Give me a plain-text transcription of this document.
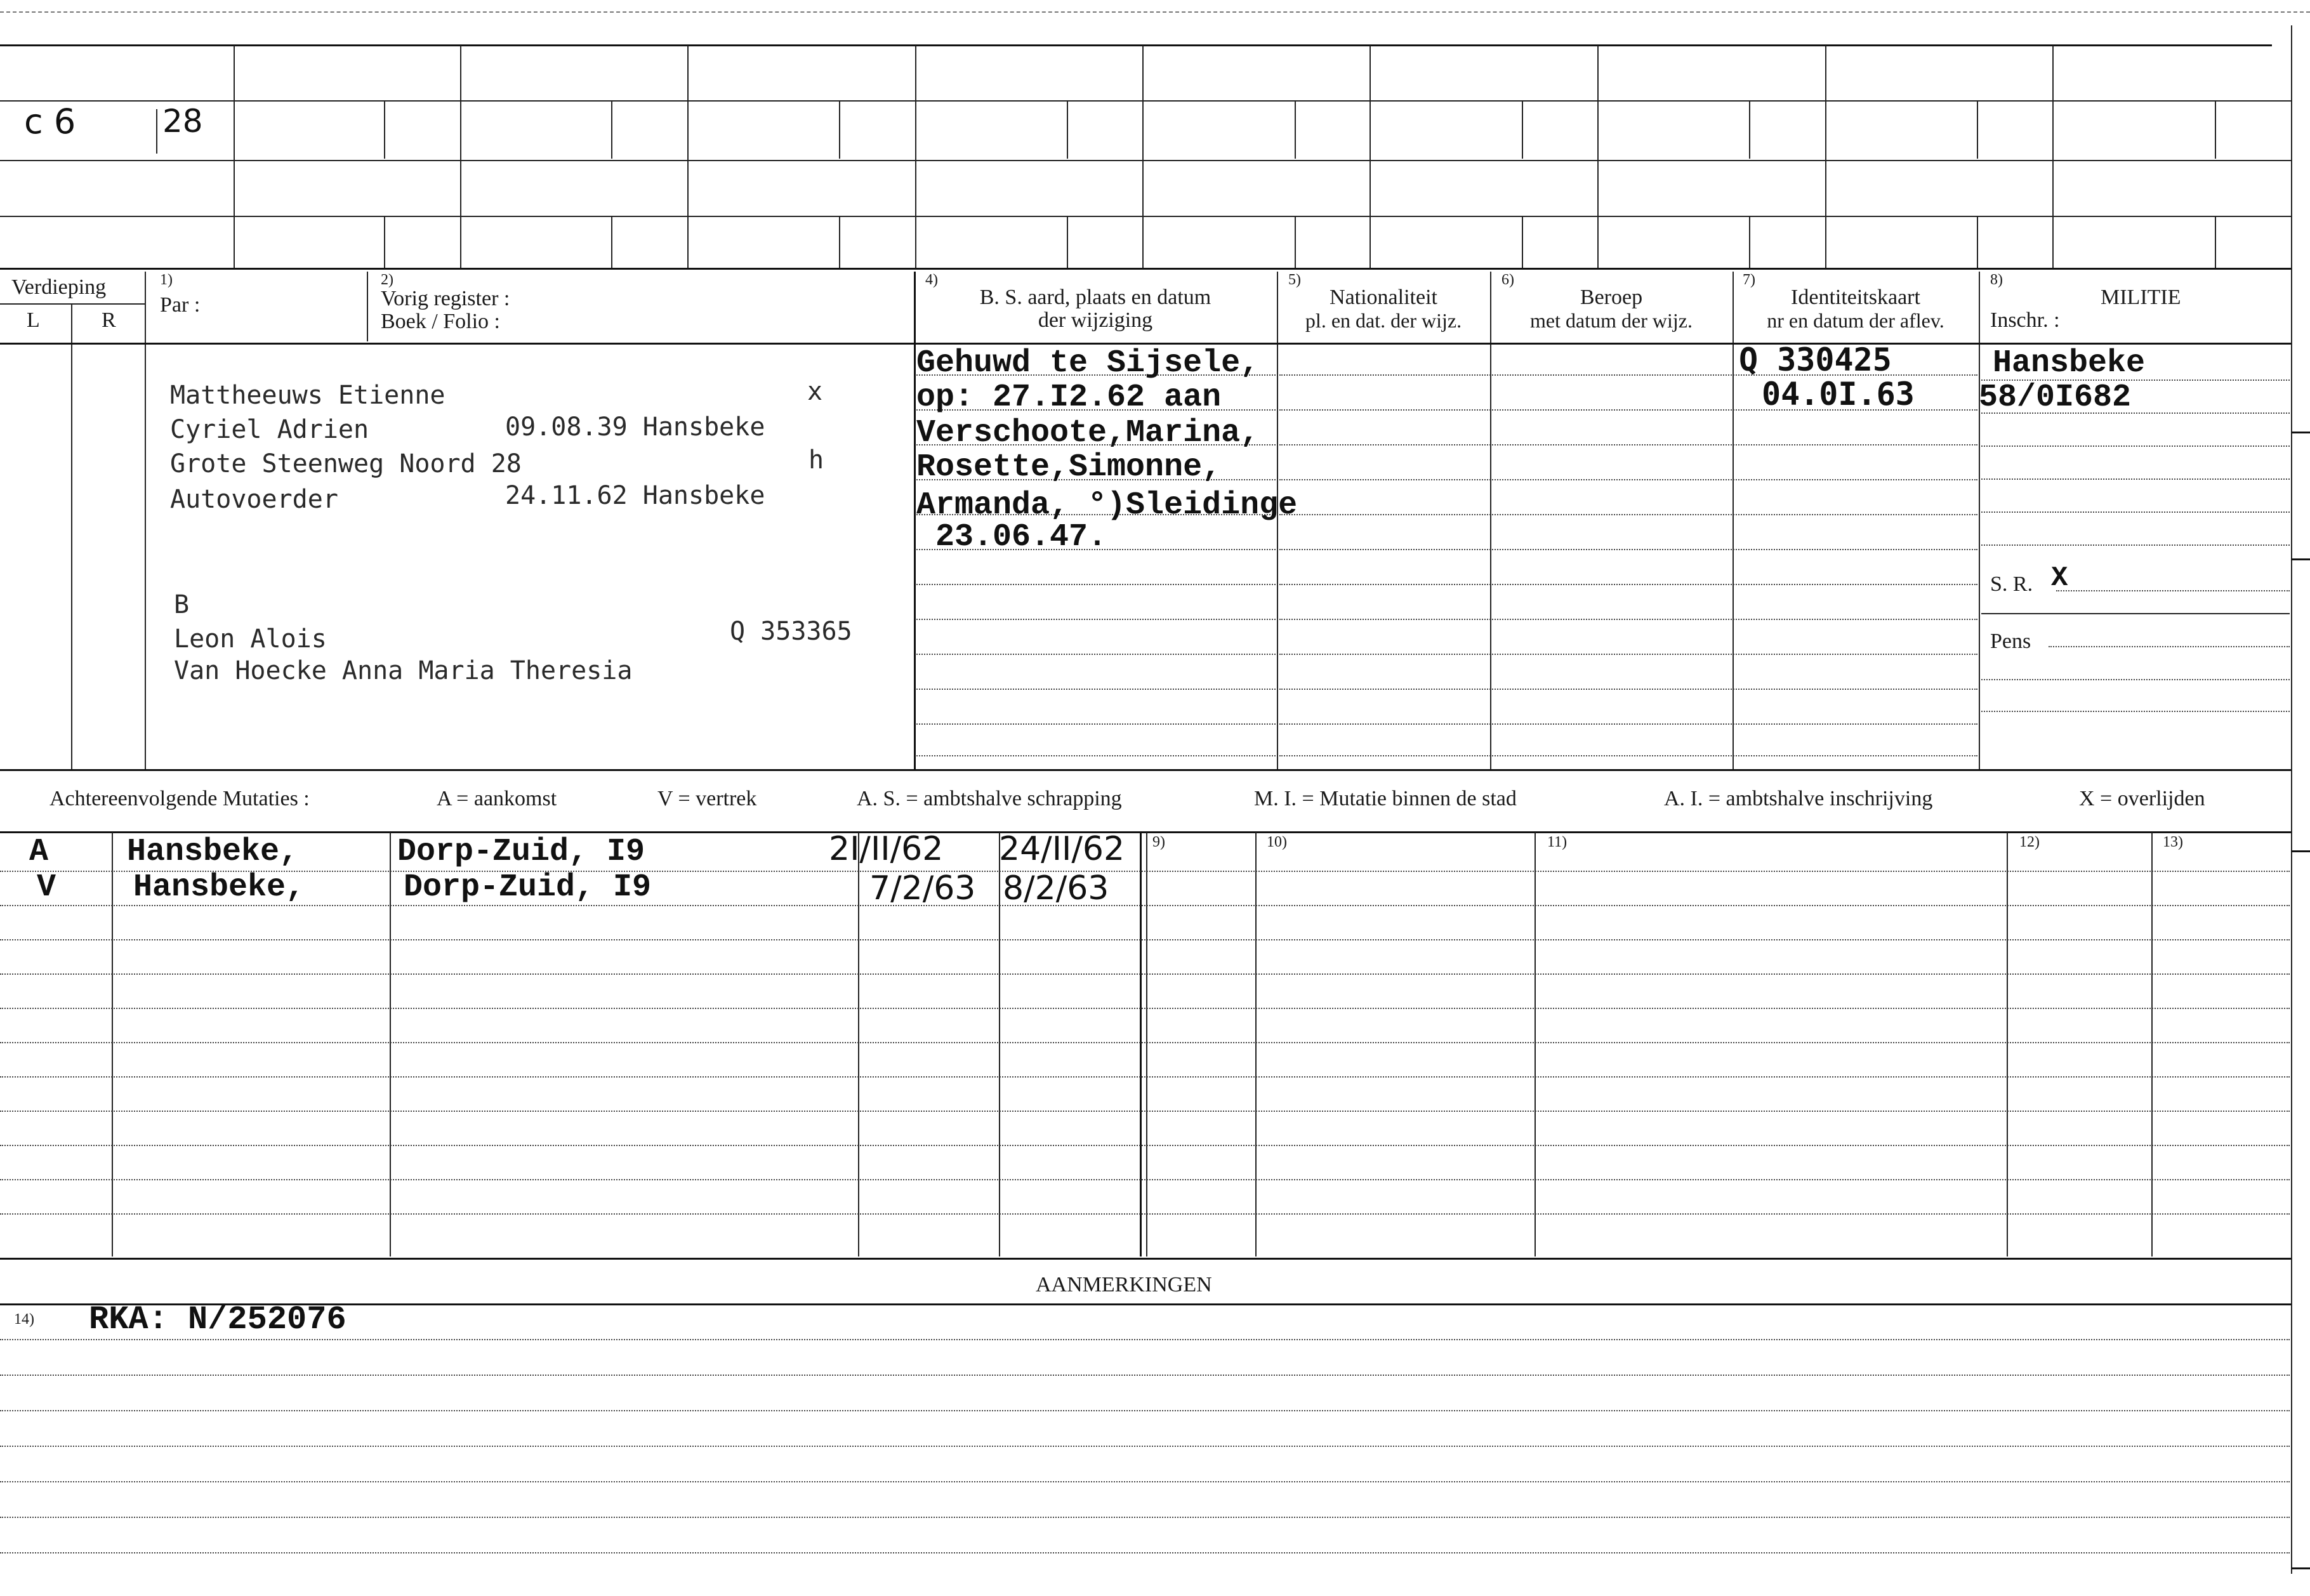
c 6	28
Verdieping
L	R
1)
Par :
2)
Vorig register :
Boek / Folio :
4)
B. S. aard, plaats en datum
der wijziging
5)
Nationaliteit
pl. en dat. der wijz.
6)
Beroep
met datum der wijz.
7)
Identiteitskaart
nr en datum der aflev.
8)
MILITIE
Inschr. :
Mattheeuws Etienne	x
Cyriel Adrien	09.08.39 Hansbeke
Grote Steenweg Noord 28	h
Autovoerder	24.11.62 Hansbeke
B
Leon Alois	Q 353365
Van Hoecke Anna Maria Theresia
Gehuwd te Sijsele,
op: 27.I2.62 aan
Verschoote,Marina,
Rosette,Simonne,
Armanda, °)Sleidinge
23.06.47.
Q 330425
04.0I.63
Hansbeke
58/0I682
S. R. X
Pens
Achtereenvolgende Mutaties :	A = aankomst	V = vertrek	A. S. = ambtshalve schrapping	M. I. = Mutatie binnen de stad	A. I. = ambtshalve inschrijving	X = overlijden
9)	10)	11)	12)	13)
A Hansbeke,	Dorp-Zuid, I9	2I/II/62 24/II/62
V Hansbeke,	Dorp-Zuid, I9	7/2/63 8/2/63
AANMERKINGEN
14) RKA: N/252076
